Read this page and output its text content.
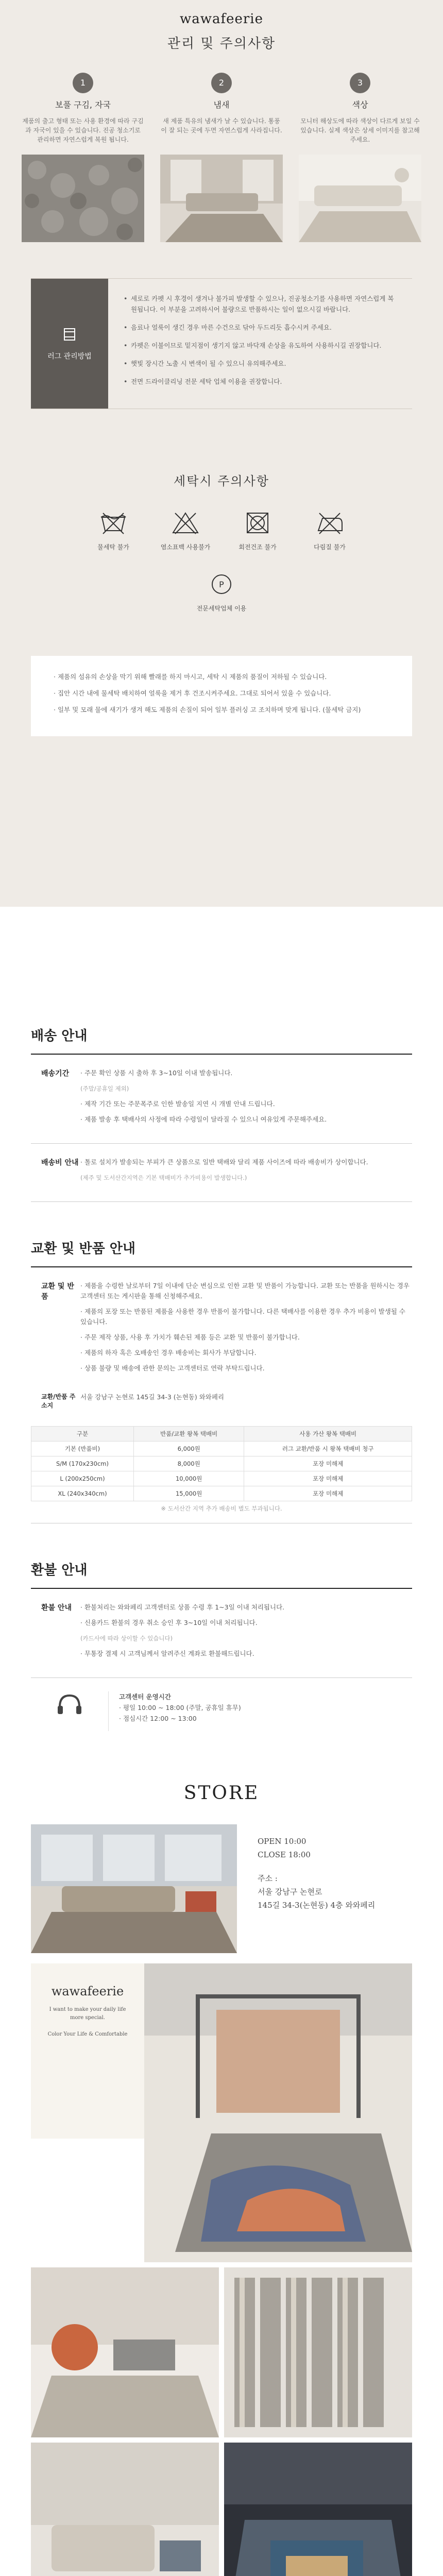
wawafeerie
관리 및 주의사항
1
보풀 구김, 자국
제품의 출고 형태 또는 사용 환경에 따라 구김과 자국이 있을 수 있습니다. 진공 청소기로 관리하면 자연스럽게 복원 됩니다.
2
냄새
새 제품 특유의 냄새가 날 수 있습니다. 통풍이 잘 되는 곳에 두면 자연스럽게 사라집니다.
3
색상
모니터 해상도에 따라 색상이 다르게 보일 수 있습니다. 실제 색상은 상세 이미지를 참고해주세요.
러그 관리방법
• 세로로 카펫 시 후경이 생겨나 불가피 발생할 수 있으나, 진공청소기를 사용하면 자연스럽게 복원됩니다. 이 부분을 고려하시어 불량으로 반품하시는 일이 없으시길 바랍니다.
• 음료나 얼룩이 생긴 경우 마른 수건으로 닦아 두드리듯 흡수시켜 주세요.
• 카펫은 이불이므로 밑지점이 생기지 않고 바닥재 손상을 유도하여 사용하시길 권장합니다.
• 햇빛 장시간 노출 시 변색이 될 수 있으니 유의해주세요.
• 전면 드라이클리닝 전문 세탁 업체 이용을 권장합니다.
세탁시 주의사항
물세탁 불가	염소표백 사용불가	회전건조 불가	다림질 불가
P
전문세탁업체 이용
· 제품의 섬유의 손상을 막기 위해 빨래를 하지 마시고, 세탁 시 제품의 품질이 저하될 수 있습니다.
· 집안 시간 내에 물세탁 배치하여 얼룩을 제거 후 건조시켜주세요. 그대로 되어서 있을 수 있습니다.
· 일부 및 모래 물에 새기가 생겨 해도 제품의 손질이 되어 일부 플러싱 고 조치하며 맞게 됩니다. (물세탁 금지)
배송 안내
배송기간	· 주문 확인 상품 시 출하 후 3~10일 이내 발송됩니다.

(주말/공휴일 제외)

· 제작 기간 또는 주문폭주로 인한 발송일 지연 시 개별 안내 드립니다.

· 제품 발송 후 택배사의 사정에 따라 수령일이 달라질 수 있으니 여유있게 주문해주세요.

배송비 안내 · 톨로 설치가 발송되는 부피가 큰 상품으로 일반 택배와 달리 제품 사이즈에 따라 배송비가 상이합니다.

(제주 및 도서산간지역은 기본 택배비가 추가비용이 발생합니다.)

교환 및 반품 안내
교환 및 반품

· 제품을 수령한 날로부터 7일 이내에 단순 변심으로 인한 교환 및 반품이 가능합니다. 교환 또는 반품을 원하시는 경우 고객센터 또는 게시판을 통해 신청해주세요.

· 제품의 포장 또는 반품된 제품을 사용한 경우 반품이 불가합니다. 다른 택배사를 이용한 경우 추가 비용이 발생될 수 있습니다.

· 주문 제작 상품, 사용 후 가치가 훼손된 제품 등은 교환 및 반품이 불가합니다.

· 제품의 하자 혹은 오배송인 경우 배송비는 회사가 부담합니다.

· 상품 불량 및 배송에 관한 문의는 고객센터로 연락 부탁드립니다.

교환/반품 주소지
서울 강남구 논현로 145길 34-3 (논현동) 와와페리
구분	반품/교환 왕복 택배비	사용 가산 왕복 택배비
기본 (반품비)	6,000원	러그 교환/반품 시 왕복 택배비 청구
S/M (170x230cm)	8,000원	포장 미해제
L (200x250cm)	10,000원	포장 미해제
XL (240x340cm)	15,000원	포장 미해제

※ 도서산간 지역 추가 배송비 별도 부과됩니다.

환불 안내
환불 안내	· 환불처리는 와와페리 고객센터로 상품 수령 후 1~3일 이내 처리됩니다.

· 신용카드 환불의 경우 취소 승인 후 3~10일 이내 처리됩니다.

(카드사에 따라 상이할 수 있습니다)

· 무통장 결제 시 고객님께서 알려주신 계좌로 환불해드립니다.

고객센터 운영시간

· 평일 10:00 ~ 18:00 (주말, 공휴일 휴무)

· 점심시간 12:00 ~ 13:00

STORE

OPEN 10:00

CLOSE 18:00

주소 :

서울 강남구 논현로

145길 34-3(논현동) 4층 와와페리

wawafeerie

I want to make your daily life more special.

Color Your Life & Comfortable
